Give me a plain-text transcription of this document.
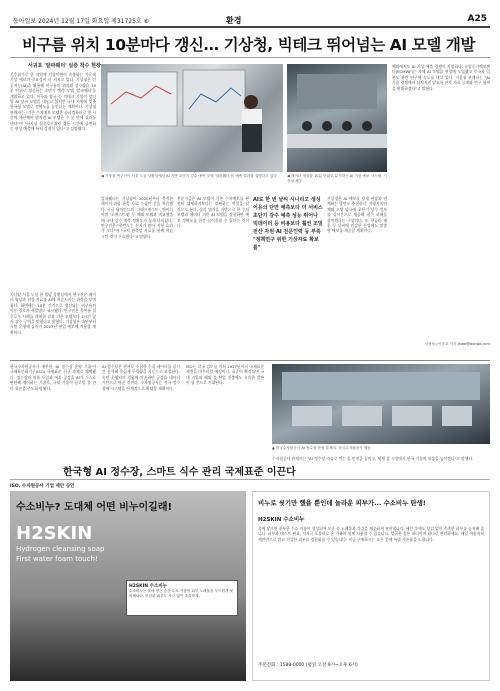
동아일보 2024년 12월 17일 화요일 제31725호 ⑥	환경	A25
비구름 위치 10분마다 갱신… 기상청, 빅테크 뛰어넘는 AI 모델 개발
서귀포 '알파웨더' 실증 착수 현장
기후위기로 한 지역에 기상이변이 속출하는 가운데 기상 예보의 중요성이 더 커지고 있다. 기상청은 인공지능(AI)을 활용해 비구름의 위치와 강수량을 10분 단위로 갱신하는 초단기 예측 모델 '알파웨더'를 개발하고 있다. 미국과 영국 등 빅테크 기업이 앞다퉈 AI 날씨 모델을 내놓고 있지만 국내 지형에 맞춘 한국형 모델로 정확도를 높인다는 계획이다. 기상청 관계자는 "기존 수치예보 모델은 슈퍼컴퓨터로 몇 시간씩 계산해야 했지만 AI 모델은 수 분 만에 결과를 낸다"며 "국지성 집중호우처럼 짧은 시간에 급변하는 현상 예측에 특히 강점이 있다"고 설명했다.
지난달 서울 도심 한 빌딩 상황실에서 연구진은 레이더 영상과 위성 자료를 AI에 학습시키는 과정을 보여줬다. 화면에는 10분 간격으로 갱신되는 비구름의 이동 경로가 색깔별로 표시됐다. 연구진은 올여름 집중호우 사례를 재현한 결과 기존 모델보다 1시간 앞서 강수 구역을 맞혔다고 밝혔다. 기상청은 내년부터 시범 운영에 들어가 2027년 현업 예보에 적용할 계획이다.
◀ 기상청 연구진이 서울 도심 상황실에서 AI 기반 초단기 강수 예측 모델 '알파웨더'의 예측 결과를 설명하고 있다.	◀ 레이더 영상을 10분 단위로 분석하는 AI 기상 예보 시스템. 기상청 제공
알파웨더는 기상청이 2020년부터 축적한 레이더·위성 관측 자료 수십만 건을 학습했다. 구글 딥마인드의 '그래프캐스트', 엔비디아의 '포캐스트넷' 등 해외 모델과 비교했을 때 국내 강수 예측 정확도가 높게 나타났다. 연구진은 "한반도는 산지가 많아 지형 효과가 크다"며 "국지 관측망 자료를 함께 학습시킨 것이 주효했다"고 말했다.
전문가들은 AI 모델이 기존 수치예보를 완전히 대체하기보다는 보완하는 역할을 할 것으로 본다. 물리 법칙을 기반으로 한 수치 모델과 데이터 기반 AI 모델을 결합하면 예보 정확도를 한층 끌어올릴 수 있다는 것이다.
AI로 한 번 날씨 시나리오 생성 이유의 단면 예측보다 더 서비스 초단기 강수 예측 성능 뛰어나 빅데이터 등 비용보다 훨씬 조밀 전산 자원·AI 전문인력 등 부족 "정책연구 위한 기상자료 확보를"
기상청은 AI 예보를 방재 현장과 연계하는 방안도 추진한다. 지방자치단체와 소방 당국에 초단기 강수 정보를 실시간으로 제공해 침수 피해를 줄이겠다는 구상이다. 또 항공과 해운 등 날씨에 민감한 산업에도 맞춤형 예보를 제공할 계획이다.
해외에서도 AI 기상 예측 경쟁이 치열하다. 유럽중기예보센터(ECMWF)는 자체 AI 모델을 현업에 도입했고 중국과 일본도 관련 연구에 속도를 내고 있다. 기상청 관계자는 "AI 기술 경쟁에서 뒤처지지 않도록 관측 자료 공개와 연구 협력을 확대하겠다"고 밝혔다.
서귀포=이준호 기자 jhlee@donga.com
한국형 AI 정수장, 스마트 식수 관리 국제표준 이끈다
ISO, 수자원공사 기업 제안 승인
한국수자원공사가 제안한 'AI 정수장 운영 기술'이 국제표준화기구(ISO) 국제표준 신규 과제로 채택됐다. 정수장의 약품 투입과 여과 공정을 AI가 스스로 판단해 제어하는 기술로, 국내 기술이 글로벌 물 관리 표준을 주도하게 됐다.
AI 정수장은 센서로 수집한 수질 데이터를 실시간 분석해 응집제 투입량을 자동으로 조절한다. 숙련 운영자의 경험에 의존하던 공정을 데이터 기반으로 바꾼 것이다. 수자원공사는 전국 정수장에 시스템을 단계적으로 확대할 계획이다.
ISO는 각국 검토를 거쳐 2027년까지 국제표준 제정을 마무리할 예정이다. 표준이 확정되면 국내 기업의 해외 물 산업 진출에도 유리한 발판이 될 것으로 기대된다.
▲ 한국수자원공사 AI 정수장 운영 통제실. 한국수자원공사 제공
수자원공사 관계자는 "AI 정수장 기술로 먹는 물 안전을 높이고, 세계 물 시장에서 한국 기술의 위상을 높이겠다"고 말했다.
수소비누? 도대체 어떤 비누이길래!
H2SKIN
Hydrogen cleansing soap
First water foam touch!
H2SKIN 수소비누
수소비누는 물에 닿는 순간 수소 거품이 피부 노폐물을 부드럽게 씻어냅니다. 민감한 피부도 자극 없이 촉촉하게.
비누로 씻기만 했을 뿐인데 놀라운 피부가... 수소비누 탄생!
H2SKIN 수소비누
물에 닿으면 풍부한 수소 거품이 생성되어 모공 속 노폐물과 각질을 깨끗하게 씻어냅니다. 세안 후에도 당김 없이 촉촉한 피부를 유지해 줍니다. 피부과 테스트 완료, 저자극 포뮬러로 온 가족이 함께 사용할 수 있습니다. 얼굴은 물론 바디까지 하나로 관리하세요. 매일 아침저녁 세안만으로 맑고 건강한 피부를 경험하실 수 있습니다. 지금 구매하시는 모든 분께 특별 사은품을 드립니다.
주문전화 : 1588-0000 (평일 오전 9시~오후 6시)
